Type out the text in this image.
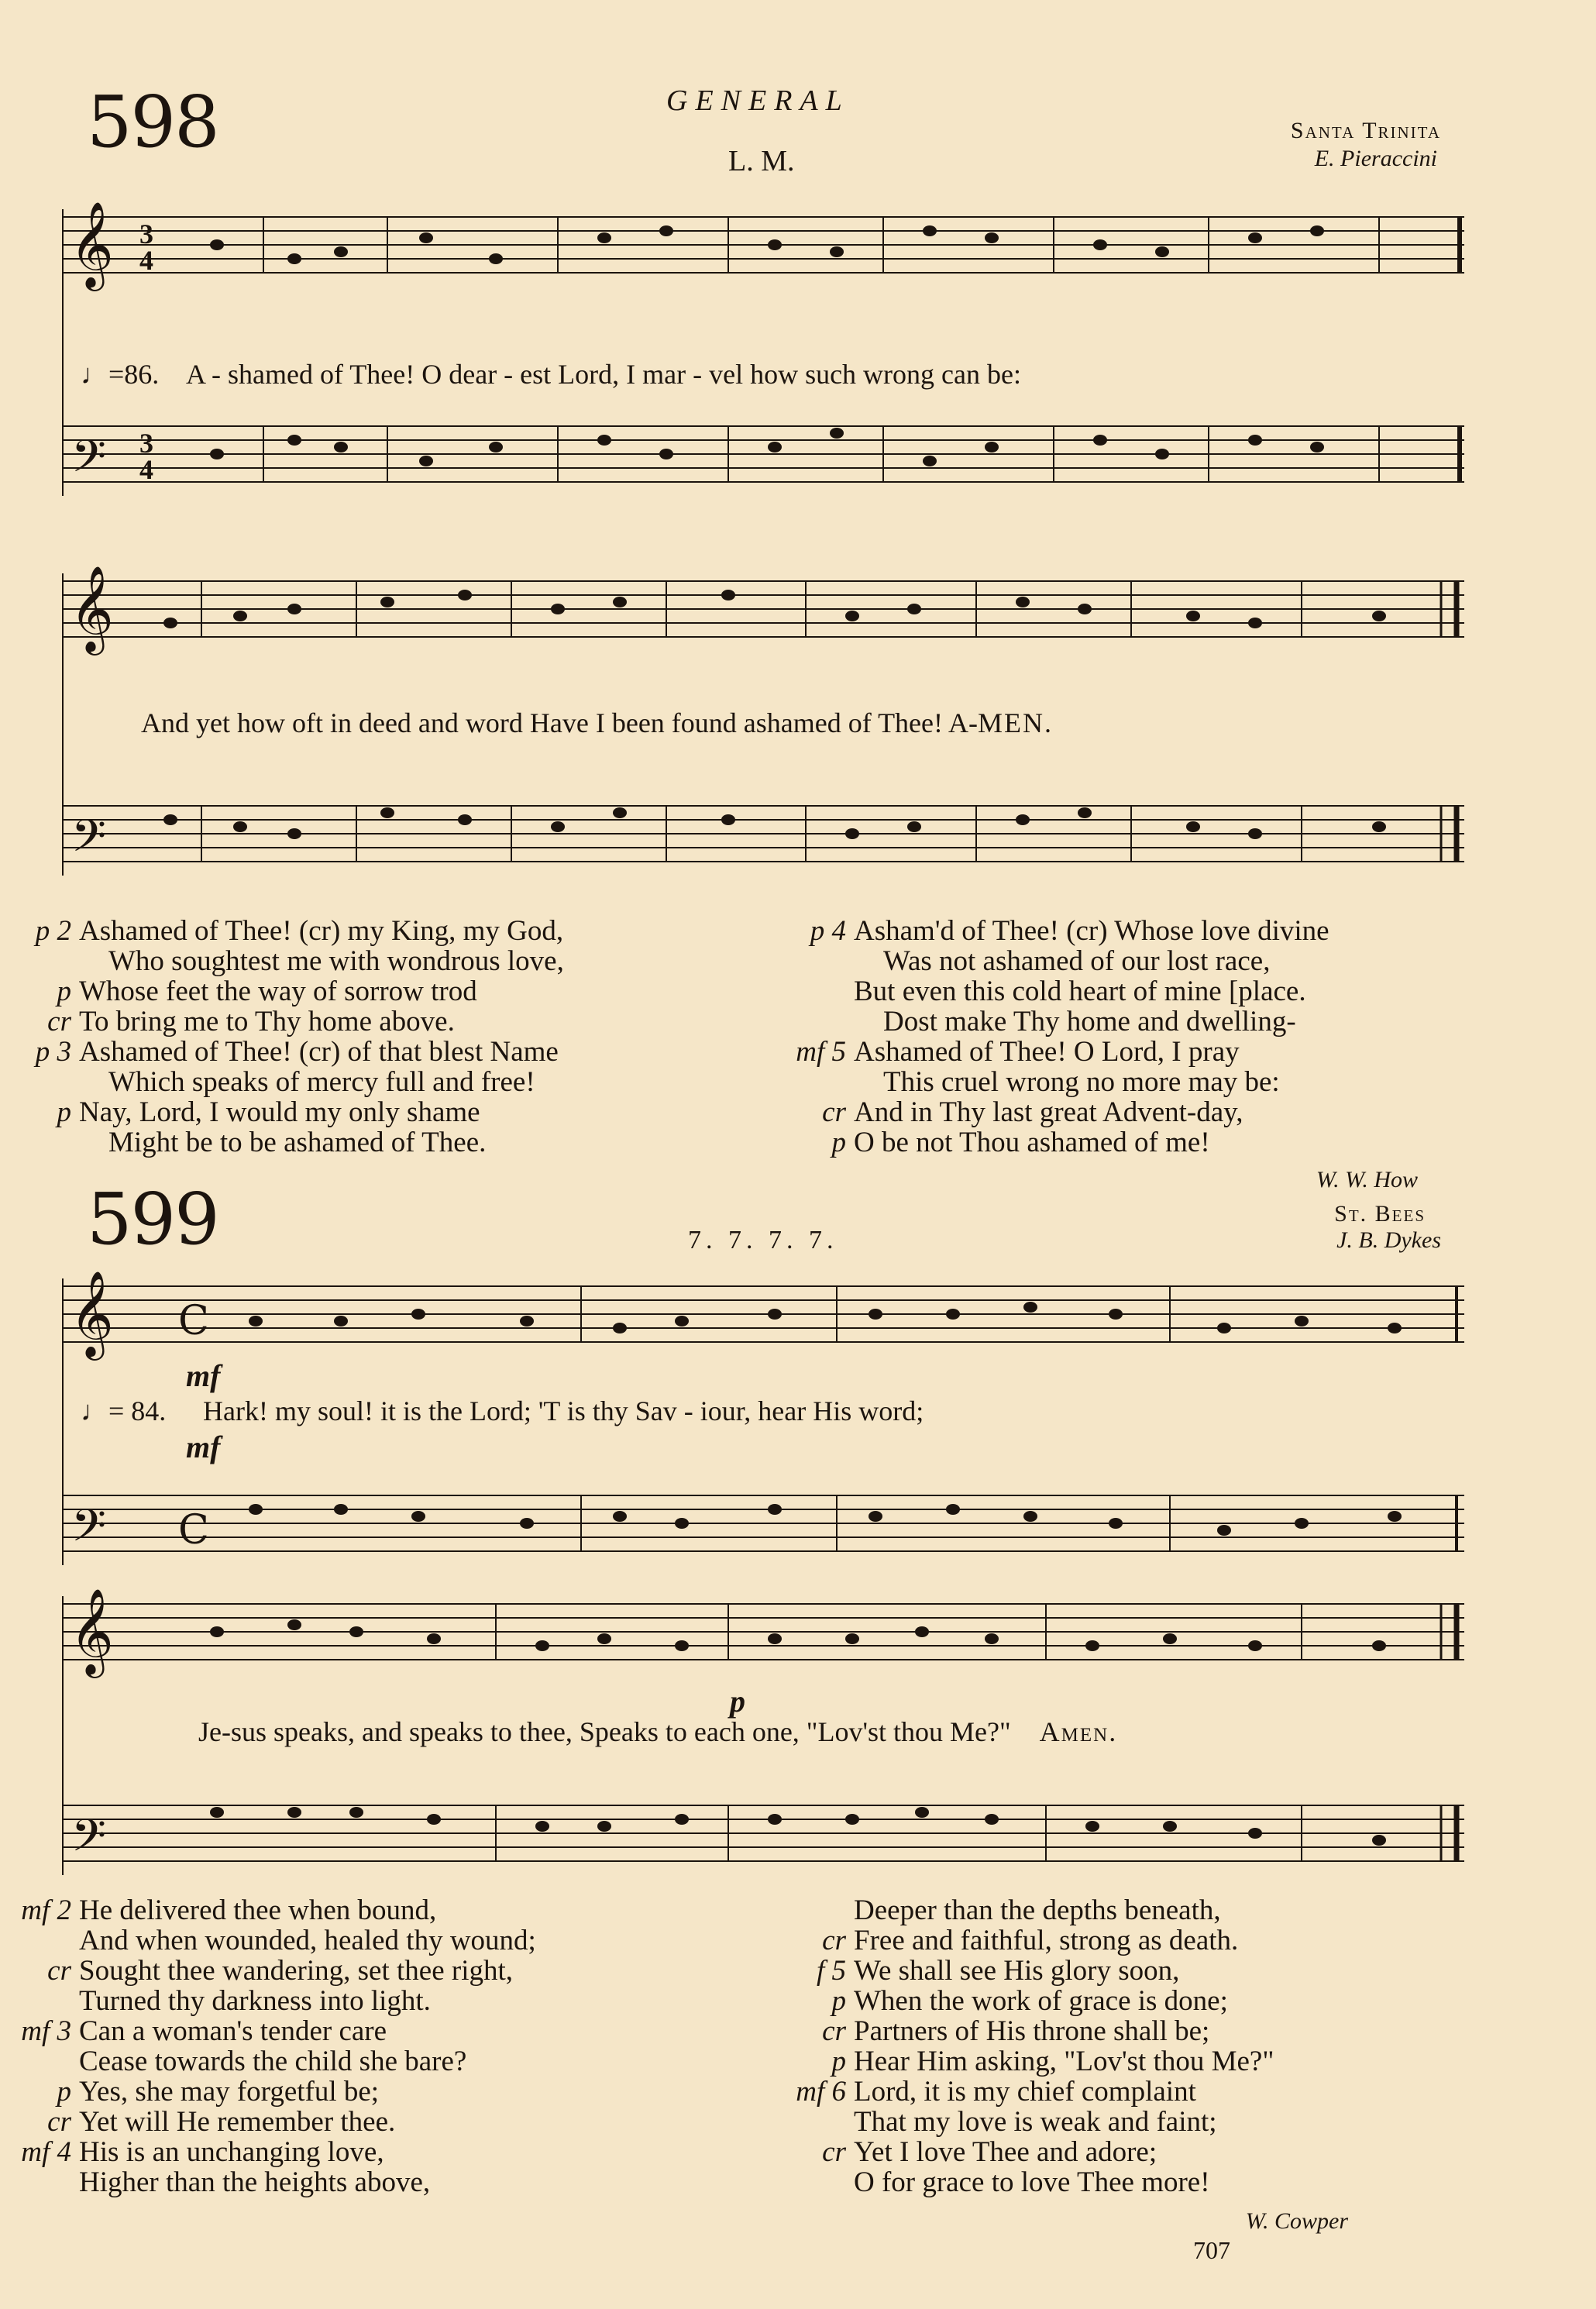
GENERAL
598	L. M.
Santa Trinita
E. Pieraccini
𝄞
𝄢
3
4
3
4
♩=86. A - shamed of Thee! O dear - est Lord, I mar - vel how such wrong can be:
𝄞
𝄢
And yet how oft in deed and word Have I been found ashamed of Thee! A-MEN.
p 2 Ashamed of Thee! (cr) my King, my God,
Who soughtest me with wondrous love,
p Whose feet the way of sorrow trod
cr To bring me to Thy home above.
p 3 Ashamed of Thee! (cr) of that blest Name
Which speaks of mercy full and free!
p Nay, Lord, I would my only shame
Might be to be ashamed of Thee.
p 4 Asham'd of Thee! (cr) Whose love divine
Was not ashamed of our lost race,
But even this cold heart of mine [place.
Dost make Thy home and dwelling-
mf 5 Ashamed of Thee! O Lord, I pray
This cruel wrong no more may be:
cr And in Thy last great Advent-day,
p O be not Thou ashamed of me!
W. W. How
599	7. 7. 7. 7.
St. Bees
J. B. Dykes
𝄞
𝄢
C
C
mf
♩= 84. Hark! my soul! it is the Lord; 'T is thy Sav - iour, hear His word;
mf
𝄞
𝄢
p
Je-sus speaks, and speaks to thee, Speaks to each one, "Lov'st thou Me?" Amen.
mf 2 He delivered thee when bound,
And when wounded, healed thy wound;
cr Sought thee wandering, set thee right,
Turned thy darkness into light.
mf 3 Can a woman's tender care
Cease towards the child she bare?
p Yes, she may forgetful be;
cr Yet will He remember thee.
mf 4 His is an unchanging love,
Higher than the heights above,
Deeper than the depths beneath,
cr Free and faithful, strong as death.
f 5 We shall see His glory soon,
p When the work of grace is done;
cr Partners of His throne shall be;
p Hear Him asking, "Lov'st thou Me?"
mf 6 Lord, it is my chief complaint
That my love is weak and faint;
cr Yet I love Thee and adore;
O for grace to love Thee more!
W. Cowper
707
